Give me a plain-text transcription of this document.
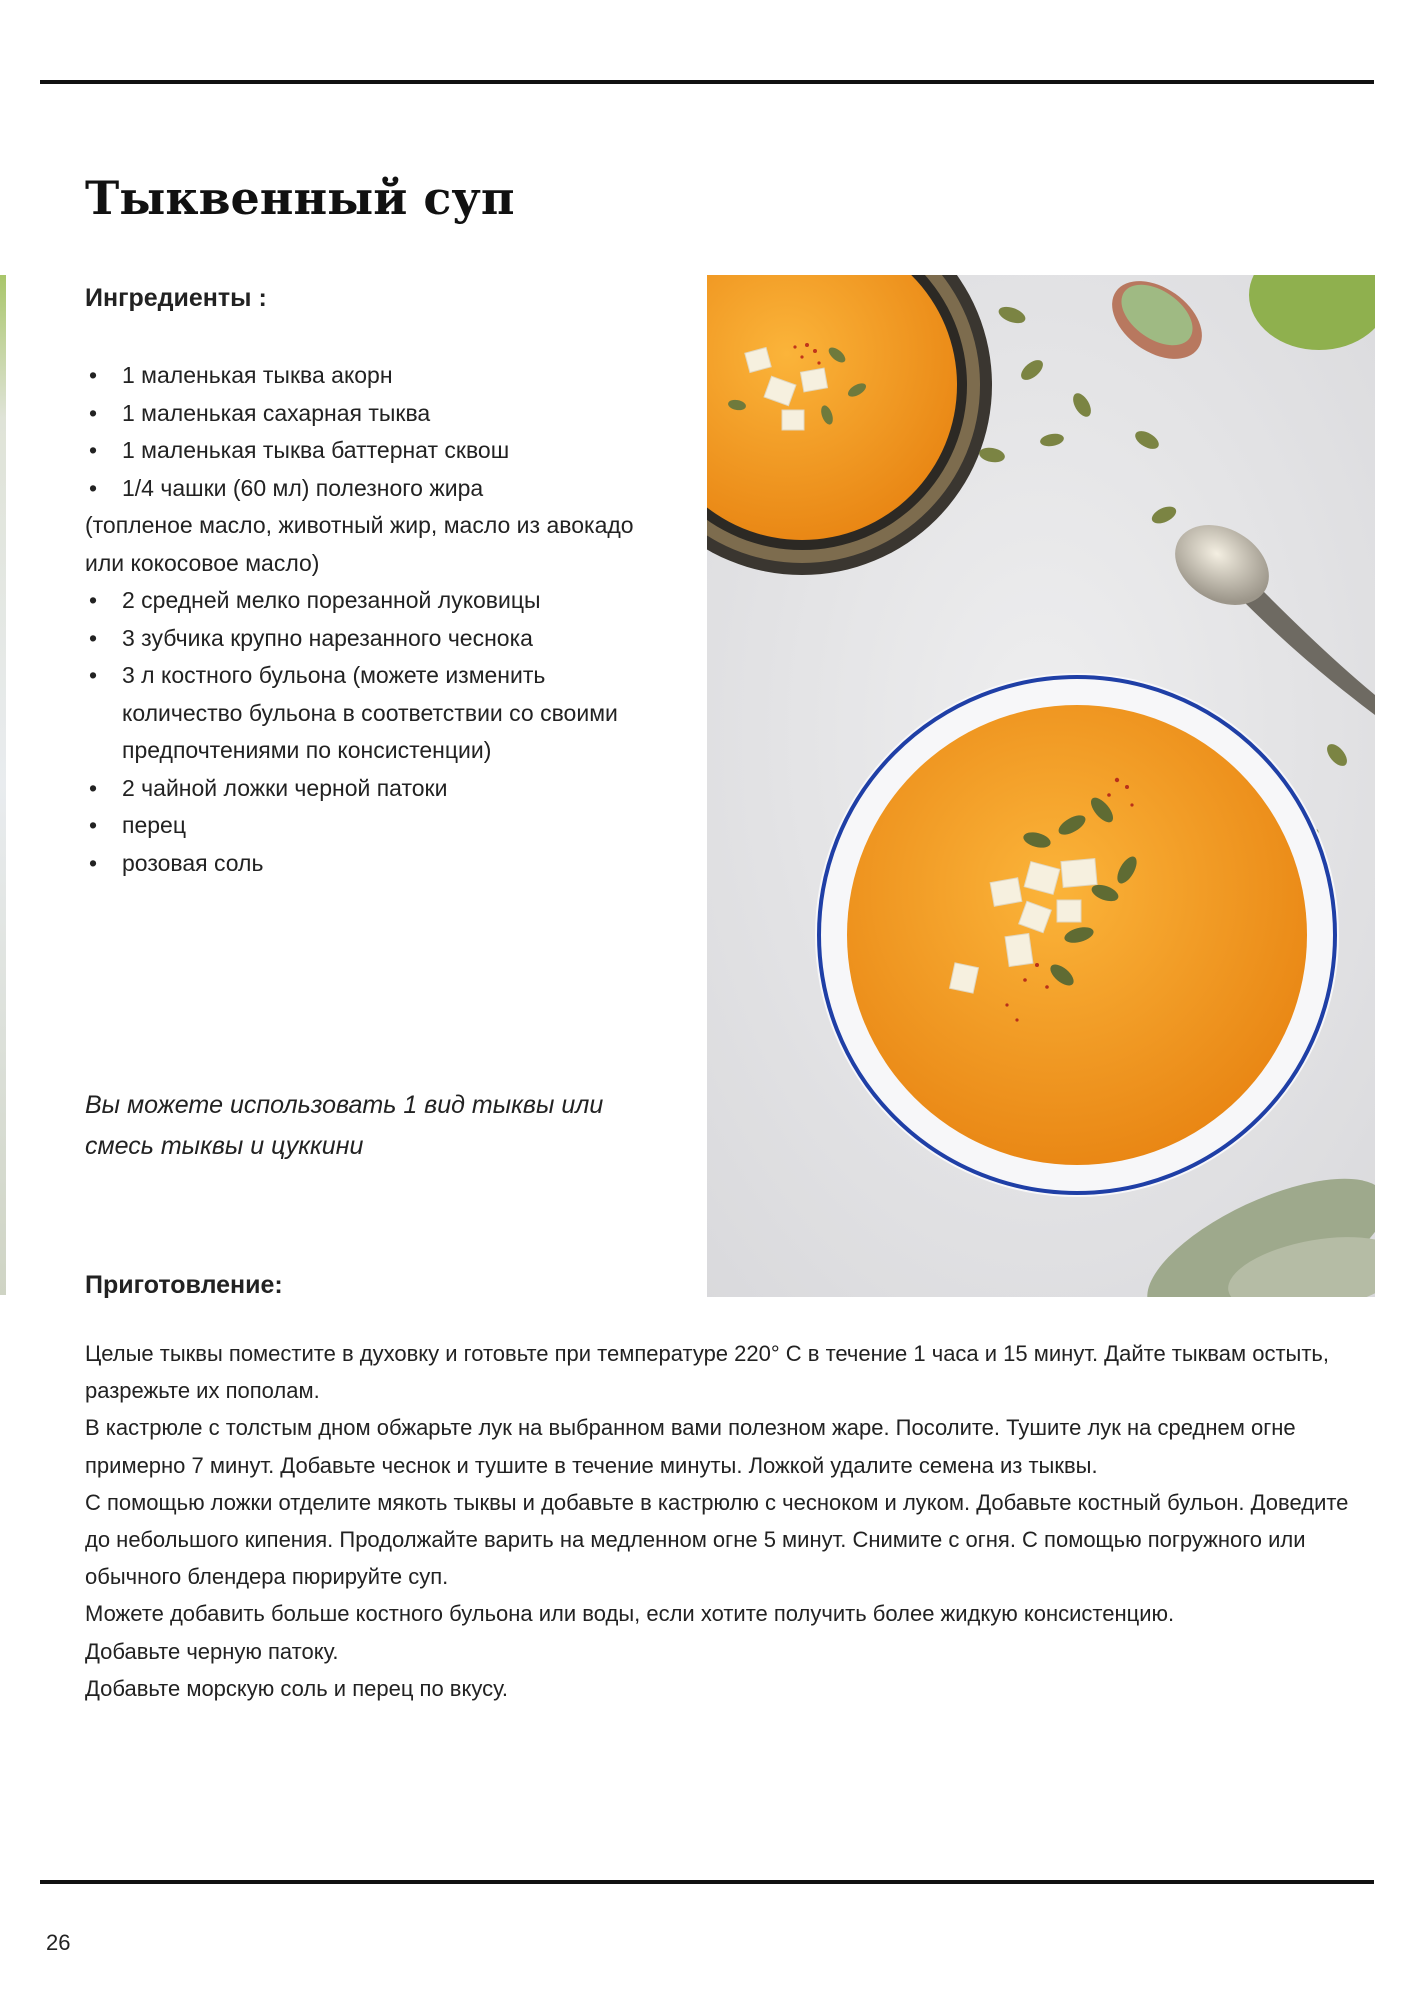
Тыквенный суп
Ингредиенты :
• 1 маленькая тыква акорн
• 1 маленькая сахарная тыква
• 1 маленькая тыква баттернат сквош
• 1/4 чашки (60 мл) полезного жира
(топленое масло, животный жир, масло из авокадо или кокосовое масло)
• 2 средней мелко порезанной луковицы
• 3 зубчика крупно нарезанного чеснока
• 3 л костного бульона (можете изменить количество бульона в соответствии со своими предпочтениями по консистенции)
• 2 чайной ложки черной патоки
• перец
• розовая соль

Вы можете использовать 1 вид тыквы или смесь тыквы и цуккини

Приготовление:

Целые тыквы поместите в духовку и готовьте при температуре 220° С в течение 1 часа и 15 минут. Дайте тыквам остыть, разрежьте их пополам.

В кастрюле с толстым дном обжарьте лук на выбранном вами полезном жаре. Посолите. Тушите лук на среднем огне примерно 7 минут. Добавьте чеснок и тушите в течение минуты. Ложкой удалите семена из тыквы.

С помощью ложки отделите мякоть тыквы и добавьте в кастрюлю с чесноком и луком. Добавьте костный бульон. Доведите до небольшого кипения. Продолжайте варить на медленном огне 5 минут. Снимите с огня. С помощью погружного или обычного блендера пюрируйте суп.

Можете добавить больше костного бульона или воды, если хотите получить более жидкую консистенцию.

Добавьте черную патоку.

Добавьте морскую соль и перец по вкусу.

26
